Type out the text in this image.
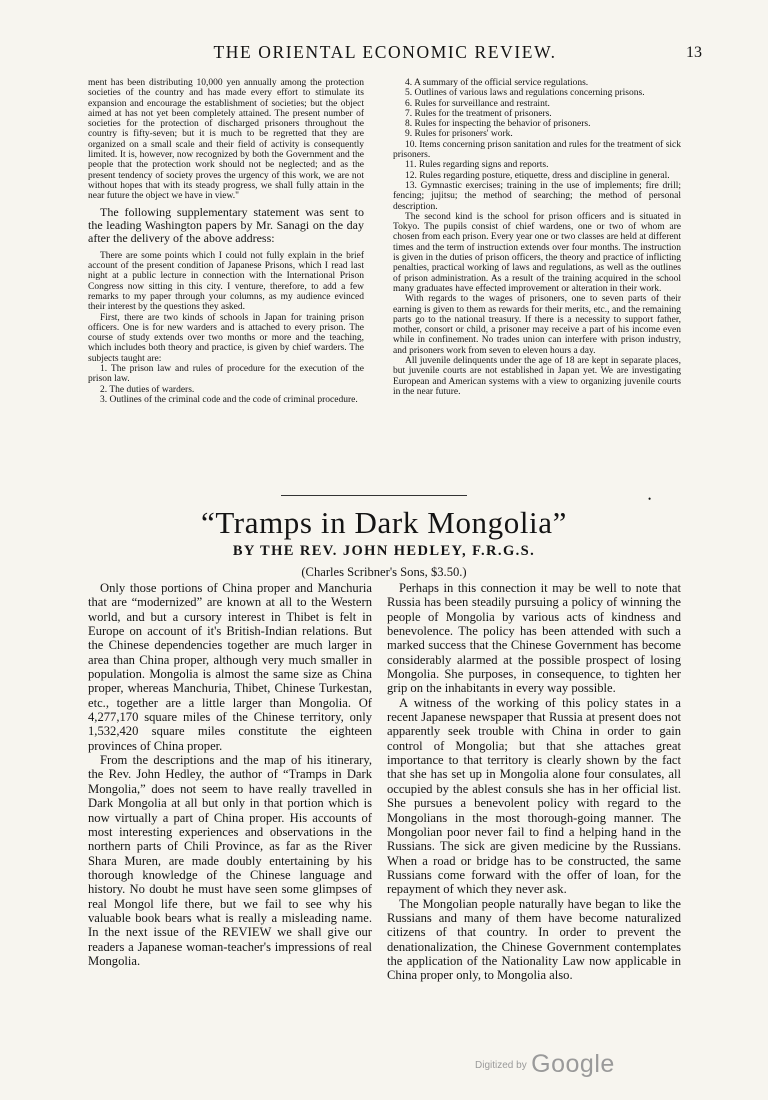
THE ORIENTAL ECONOMIC REVIEW.	13

ment has been distributing 10,000 yen annually among the protection societies of the country and has made every effort to stimulate its expansion and encourage the establishment of societies; but the object aimed at has not yet been completely attained. The present number of societies for the protection of discharged prisoners throughout the country is fifty-seven; but it is much to be regretted that they are organized on a small scale and their field of activity is consequently limited. It is, however, now recognized by both the Government and the people that the protection work should not be neglected; and as the present tendency of society proves the urgency of this work, we are not without hopes that with its steady progress, we shall fully attain in the near future the object we have in view."

The following supplementary statement was sent to the leading Washington papers by Mr. Sanagi on the day after the delivery of the above address:

There are some points which I could not fully explain in the brief account of the present condition of Japanese Prisons, which I read last night at a public lecture in connection with the International Prison Congress now sitting in this city. I venture, therefore, to add a few remarks to my paper through your columns, as my audience evinced their interest by the questions they asked.

First, there are two kinds of schools in Japan for training prison officers. One is for new warders and is attached to every prison. The course of study extends over two months or more and the teaching, which includes both theory and practice, is given by chief warders. The subjects taught are:

1. The prison law and rules of procedure for the execution of the prison law.

2. The duties of warders.

3. Outlines of the criminal code and the code of criminal procedure.

4. A summary of the official service regulations.

5. Outlines of various laws and regulations concerning prisons.

6. Rules for surveillance and restraint.

7. Rules for the treatment of prisoners.

8. Rules for inspecting the behavior of prisoners.

9. Rules for prisoners' work.

10. Items concerning prison sanitation and rules for the treatment of sick prisoners.

11. Rules regarding signs and reports.

12. Rules regarding posture, etiquette, dress and discipline in general.

13. Gymnastic exercises; training in the use of implements; fire drill; fencing; jujitsu; the method of searching; the method of personal description.

The second kind is the school for prison officers and is situated in Tokyo. The pupils consist of chief wardens, one or two of whom are chosen from each prison. Every year one or two classes are held at different times and the term of instruction extends over four months. The instruction is given in the duties of prison officers, the theory and practice of inflicting penalties, practical working of laws and regulations, as well as the outlines of prison administration. As a result of the training acquired in the school many graduates have effected improvement or alteration in their work.

With regards to the wages of prisoners, one to seven parts of their earning is given to them as rewards for their merits, etc., and the remaining parts go to the national treasury. If there is a necessity to support father, mother, consort or child, a prisoner may receive a part of his income even while in confinement. No trades union can interfere with prison industry, and prisoners work from seven to eleven hours a day.

All juvenile delinquents under the age of 18 are kept in separate places, but juvenile courts are not established in Japan yet. We are investigating European and American systems with a view to organizing juvenile courts in the near future.

•
“Tramps in Dark Mongolia”
BY THE REV. JOHN HEDLEY, F.R.G.S.
(Charles Scribner's Sons, $3.50.)

Only those portions of China proper and Manchuria that are “modernized” are known at all to the Western world, and but a cursory interest in Thibet is felt in Europe on account of it's British-Indian relations. But the Chinese dependencies together are much larger in area than China proper, although very much smaller in population. Mongolia is almost the same size as China proper, whereas Manchuria, Thibet, Chinese Turkestan, etc., together are a little larger than Mongolia. Of 4,277,170 square miles of the Chinese territory, only 1,532,420 square miles constitute the eighteen provinces of China proper.

From the descriptions and the map of his itinerary, the Rev. John Hedley, the author of “Tramps in Dark Mongolia,” does not seem to have really travelled in Dark Mongolia at all but only in that portion which is now virtually a part of China proper. His accounts of most interesting experiences and observations in the northern parts of Chili Province, as far as the River Shara Muren, are made doubly entertaining by his thorough knowledge of the Chinese language and history. No doubt he must have seen some glimpses of real Mongol life there, but we fail to see why his valuable book bears what is really a misleading name. In the next issue of the REVIEW we shall give our readers a Japanese woman-teacher's impressions of real Mongolia.

Perhaps in this connection it may be well to note that Russia has been steadily pursuing a policy of winning the people of Mongolia by various acts of kindness and benevolence. The policy has been attended with such a marked success that the Chinese Government has become considerably alarmed at the possible prospect of losing Mongolia. She purposes, in consequence, to tighten her grip on the inhabitants in every way possible.

A witness of the working of this policy states in a recent Japanese newspaper that Russia at present does not apparently seek trouble with China in order to gain control of Mongolia; but that she attaches great importance to that territory is clearly shown by the fact that she has set up in Mongolia alone four consulates, all occupied by the ablest consuls she has in her official list. She pursues a benevolent policy with regard to the Mongolians in the most thorough-going manner. The Mongolian poor never fail to find a helping hand in the Russians. The sick are given medicine by the Russians. When a road or bridge has to be constructed, the same Russians come forward with the offer of loan, for the repayment of which they never ask.

The Mongolian people naturally have began to like the Russians and many of them have become naturalized citizens of that country. In order to prevent the denationalization, the Chinese Government contemplates the application of the Nationality Law now applicable in China proper only, to Mongolia also.

$^{Digitized by}$ Google
